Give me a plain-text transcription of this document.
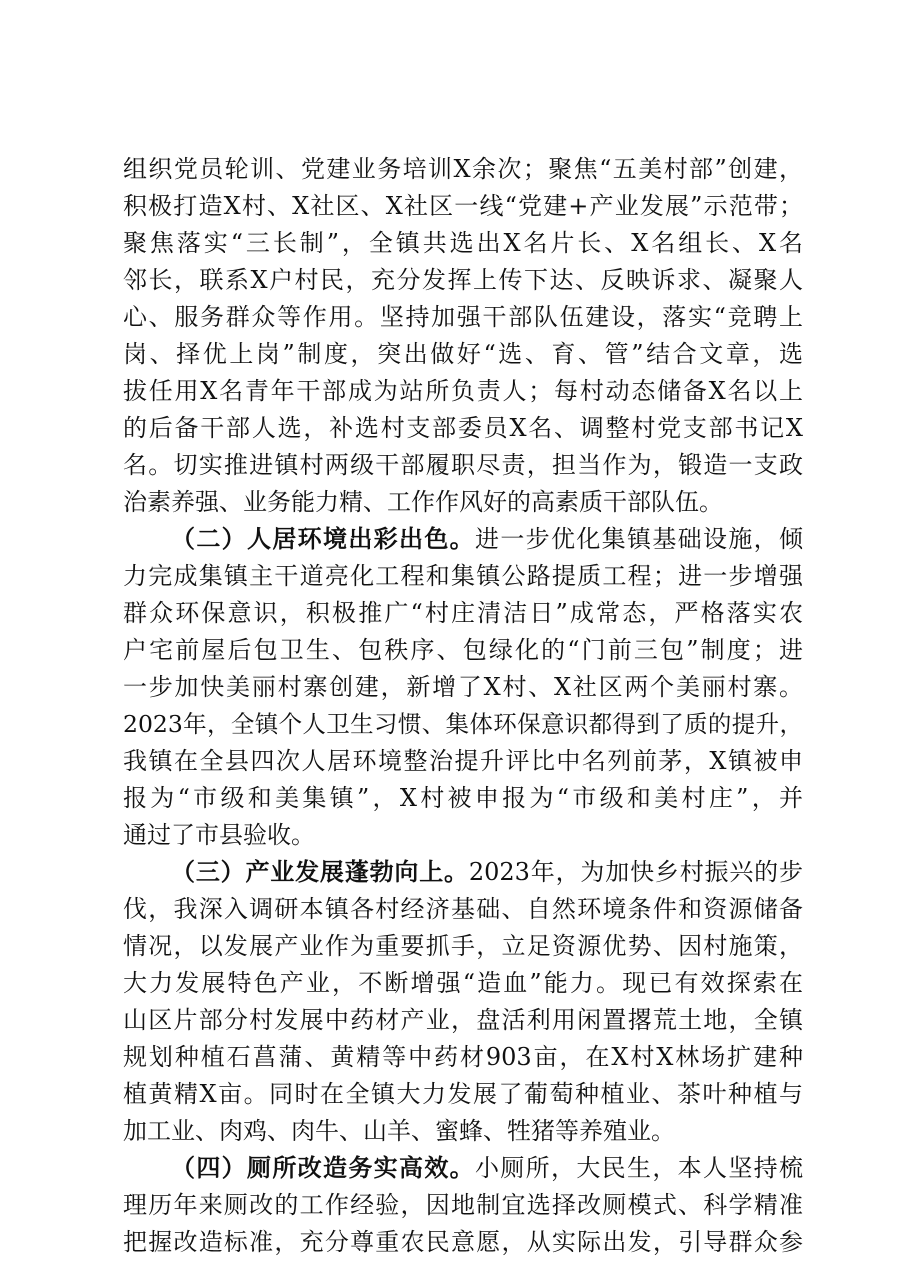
组织党员轮训、党建业务培训X余次；聚焦“五美村部”创建，
积极打造X村、X社区、X社区一线“党建+产业发展”示范带；
聚焦落实“三长制”，全镇共选出X名片长、X名组长、X名
邻长，联系X户村民，充分发挥上传下达、反映诉求、凝聚人
心、服务群众等作用。坚持加强干部队伍建设，落实“竞聘上
岗、择优上岗”制度，突出做好“选、育、管”结合文章，选
拔任用X名青年干部成为站所负责人；每村动态储备X名以上
的后备干部人选，补选村支部委员X名、调整村党支部书记X
名。切实推进镇村两级干部履职尽责，担当作为，锻造一支政
治素养强、业务能力精、工作作风好的高素质干部队伍。
（二）人居环境出彩出色。进一步优化集镇基础设施，倾
力完成集镇主干道亮化工程和集镇公路提质工程；进一步增强
群众环保意识，积极推广“村庄清洁日”成常态，严格落实农
户宅前屋后包卫生、包秩序、包绿化的“门前三包”制度；进
一步加快美丽村寨创建，新增了X村、X社区两个美丽村寨。
2023年，全镇个人卫生习惯、集体环保意识都得到了质的提升，
我镇在全县四次人居环境整治提升评比中名列前茅，X镇被申
报为“市级和美集镇”，X村被申报为“市级和美村庄”，并
通过了市县验收。
（三）产业发展蓬勃向上。2023年，为加快乡村振兴的步
伐，我深入调研本镇各村经济基础、自然环境条件和资源储备
情况，以发展产业作为重要抓手，立足资源优势、因村施策，
大力发展特色产业，不断增强“造血”能力。现已有效探索在
山区片部分村发展中药材产业，盘活利用闲置撂荒土地，全镇
规划种植石菖蒲、黄精等中药材903亩，在X村X林场扩建种
植黄精X亩。同时在全镇大力发展了葡萄种植业、茶叶种植与
加工业、肉鸡、肉牛、山羊、蜜蜂、牲猪等养殖业。
（四）厕所改造务实高效。小厕所，大民生，本人坚持梳
理历年来厕改的工作经验，因地制宜选择改厕模式、科学精准
把握改造标准，充分尊重农民意愿，从实际出发，引导群众参
